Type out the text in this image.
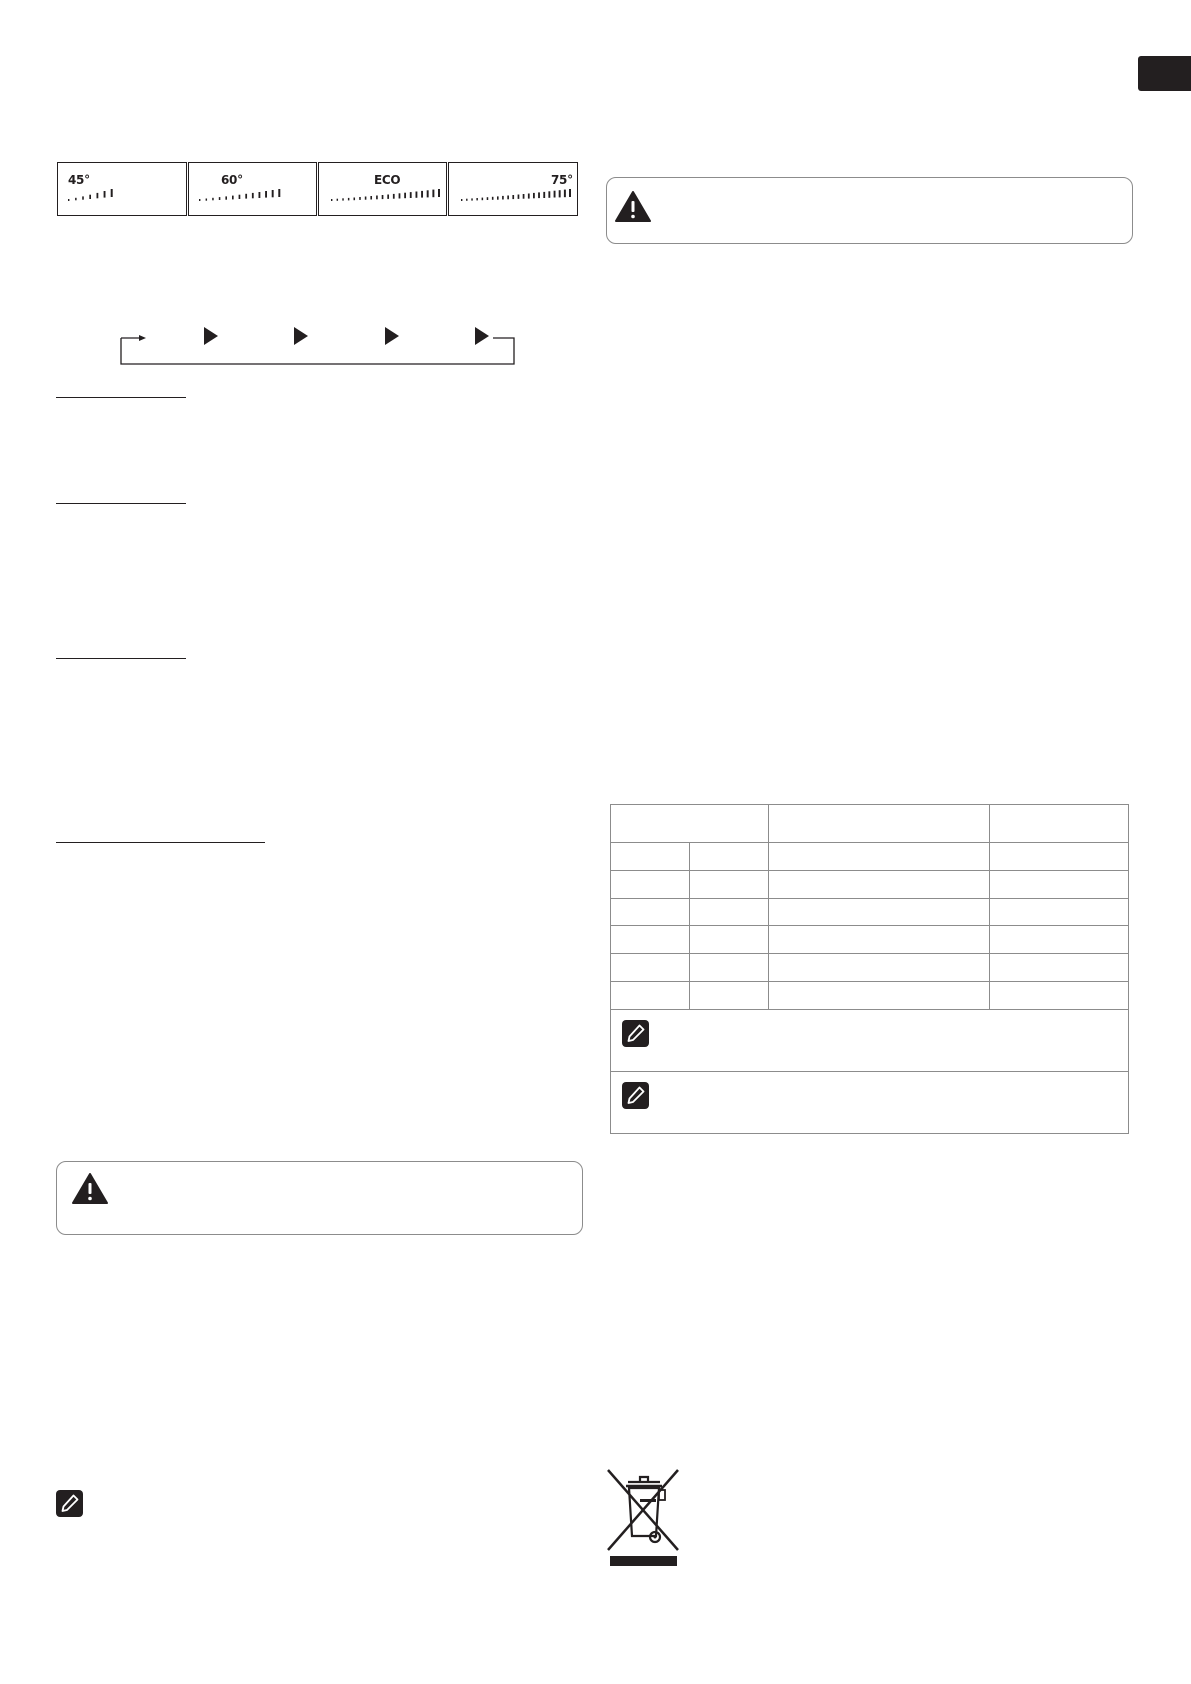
45°	60°	ECO	75°
